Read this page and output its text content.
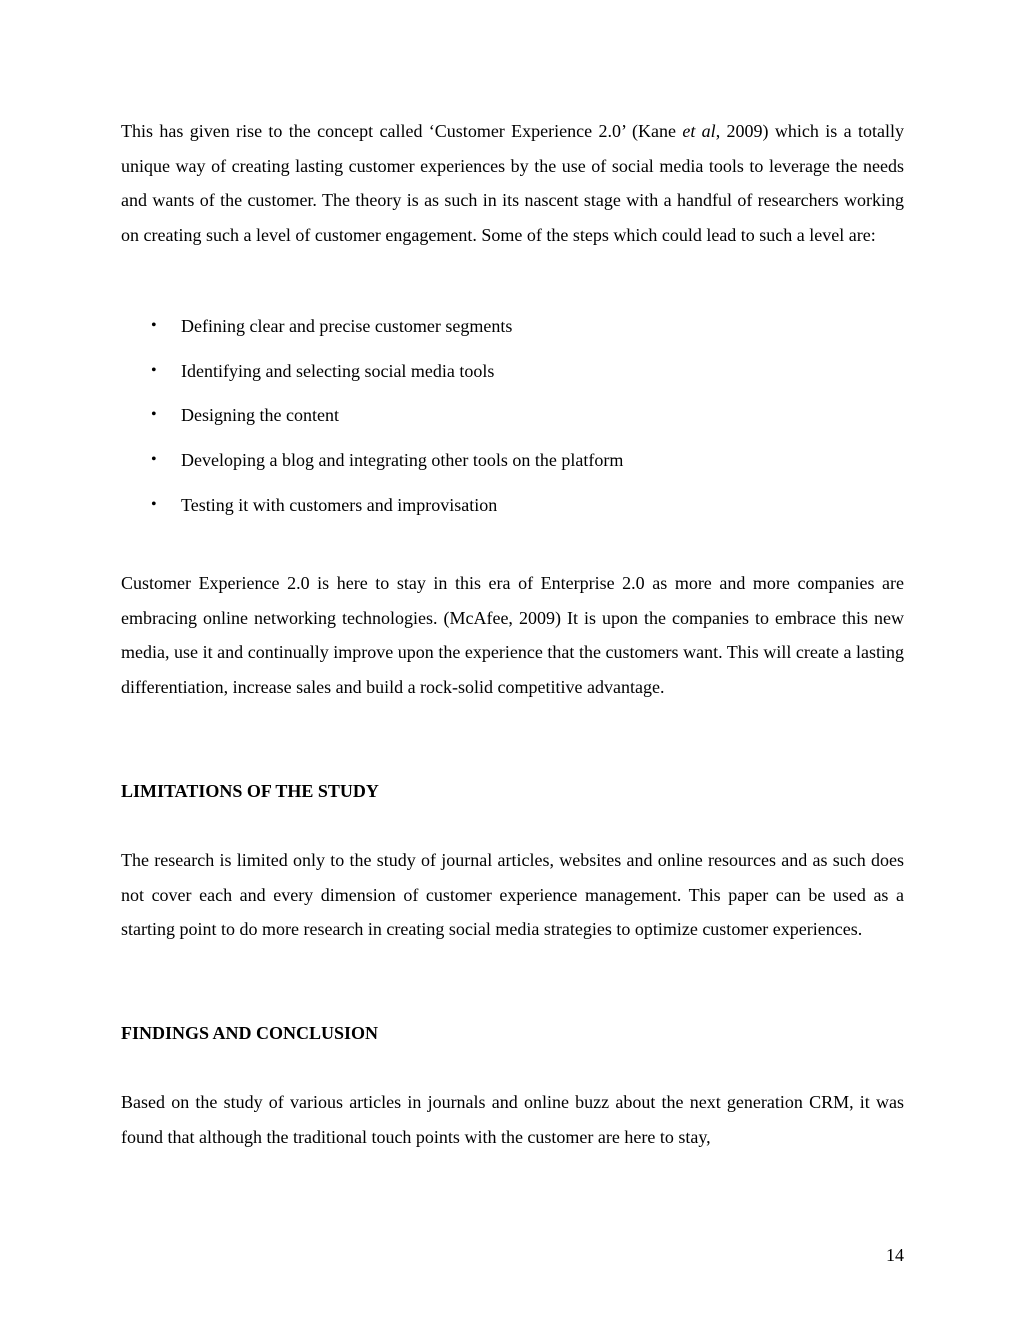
This has given rise to the concept called ‘Customer Experience 2.0’ (Kane et al, 2009) which is a totally unique way of creating lasting customer experiences by the use of social media tools to leverage the needs and wants of the customer. The theory is as such in its nascent stage with a handful of researchers working on creating such a level of customer engagement. Some of the steps which could lead to such a level are:

• Defining clear and precise customer segments
• Identifying and selecting social media tools
• Designing the content
• Developing a blog and integrating other tools on the platform
• Testing it with customers and improvisation

Customer Experience 2.0 is here to stay in this era of Enterprise 2.0 as more and more companies are embracing online networking technologies. (McAfee, 2009) It is upon the companies to embrace this new media, use it and continually improve upon the experience that the customers want. This will create a lasting differentiation, increase sales and build a rock-solid competitive advantage.

LIMITATIONS OF THE STUDY

The research is limited only to the study of journal articles, websites and online resources and as such does not cover each and every dimension of customer experience management. This paper can be used as a starting point to do more research in creating social media strategies to optimize customer experiences.

FINDINGS AND CONCLUSION

Based on the study of various articles in journals and online buzz about the next generation CRM, it was found that although the traditional touch points with the customer are here to stay,

14
